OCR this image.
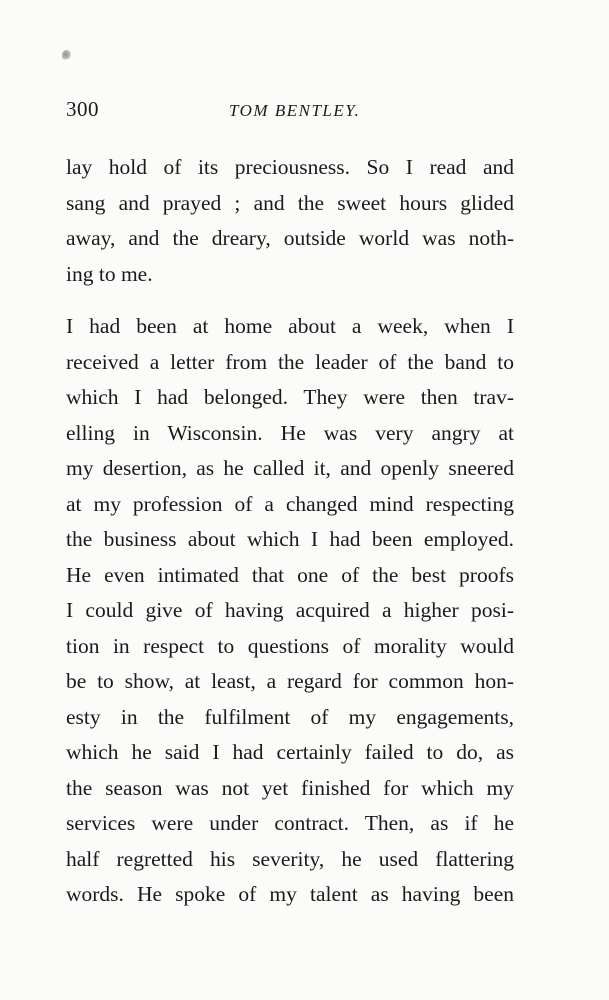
300	TOM BENTLEY.
lay hold of its preciousness. So I read and
sang and prayed ; and the sweet hours glided
away, and the dreary, outside world was noth-
ing to me.
I had been at home about a week, when I
received a letter from the leader of the band to
which I had belonged. They were then trav-
elling in Wisconsin. He was very angry at
my desertion, as he called it, and openly sneered
at my profession of a changed mind respecting
the business about which I had been employed.
He even intimated that one of the best proofs
I could give of having acquired a higher posi-
tion in respect to questions of morality would
be to show, at least, a regard for common hon-
esty in the fulfilment of my engagements,
which he said I had certainly failed to do, as
the season was not yet finished for which my
services were under contract. Then, as if he
half regretted his severity, he used flattering
words. He spoke of my talent as having been
